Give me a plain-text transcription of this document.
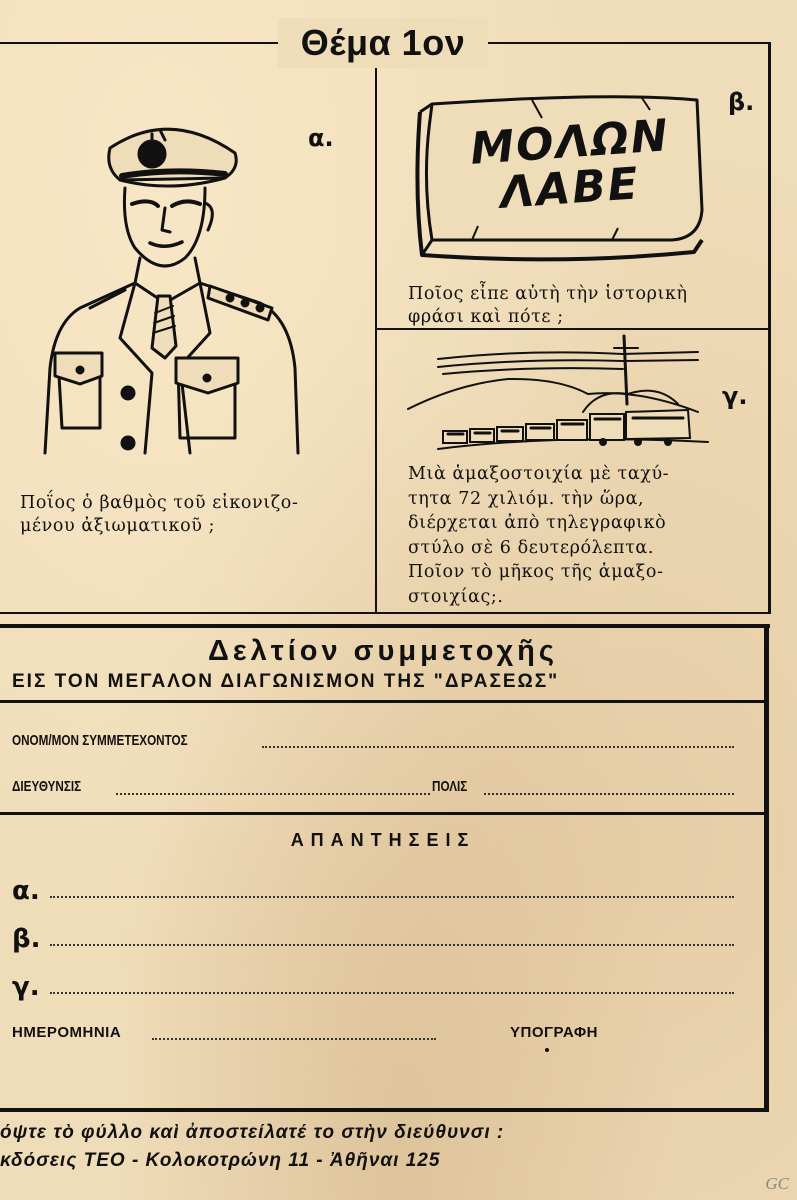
Θέμα 1ον
α.
Ποΐος ὁ βαθμὸς τοῦ εἰκονιζο-
μένου ἀξιωματικοῦ ;
β.
ΜΟΛΩΝ
ΛΑΒΕ
Ποῖος εἶπε αὐτὴ τὴν ἱστορικὴ
φράσι καὶ πότε ;
γ.
Μιὰ ἁμαξοστοιχία μὲ ταχύ-
τητα 72 χιλιόμ. τὴν ὥρα,
διέρχεται ἀπὸ τηλεγραφικὸ
στύλο σὲ 6 δευτερόλεπτα.
Ποῖον τὸ μῆκος τῆς ἁμαξο-
στοιχίας;.
Δελτίον συμμετοχῆς
ΕΙΣ ΤΟΝ ΜΕΓΑΛΟΝ ΔΙΑΓΩΝΙΣΜΟΝ ΤΗΣ "ΔΡΑΣΕΩΣ"
ΟΝΟΜ/ΜΟΝ ΣΥΜΜΕΤΕΧΟΝΤΟΣ
ΔΙΕΥΘΥΝΣΙΣ	ΠΟΛΙΣ
ΑΠΑΝΤΗΣΕΙΣ
α.
β.
γ.
ΗΜΕΡΟΜΗΝΙΑ	ΥΠΟΓΡΑΦΗ
όψτε τὸ φύλλο καὶ ἀποστείλατέ το στὴν διεύθυνσι :
κδόσεις ΤΕΟ - Κολοκοτρώνη 11 - Ἀθῆναι 125
GC
